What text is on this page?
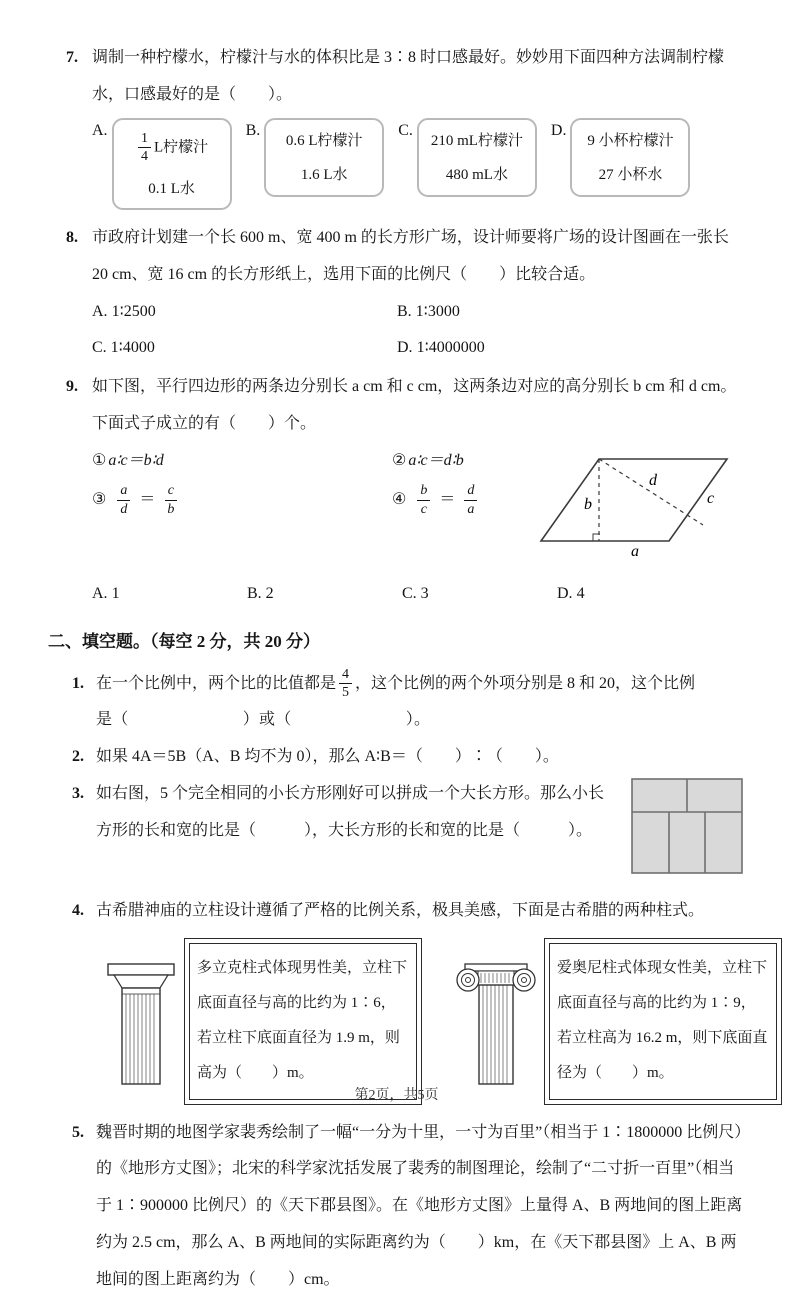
7. 调制一种柠檬水，柠檬汁与水的体积比是 3∶8 时口感最好。妙妙用下面四种方法调制柠檬水，口感最好的是（　　）。
A. $\frac{1}{4}$ L柠檬汁
0.1 L水
B.
0.6 L柠檬汁
1.6 L水
C.
210 mL柠檬汁
480 mL水
D.
9 小杯柠檬汁
27 小杯水
8. 市政府计划建一个长 600 m、宽 400 m 的长方形广场，设计师要将广场的设计图画在一张长 20 cm、宽 16 cm 的长方形纸上，选用下面的比例尺（　　）比较合适。
A. 1∶2500	B. 1∶3000
C. 1∶4000	D. 1∶4000000
9. 如下图，平行四边形的两条边分别长 a cm 和 c cm，这两条边对应的高分别长 b cm 和 d cm。下面式子成立的有（　　）个。
① a∶c＝b∶d	② a∶c＝d∶b
③ $\frac{a}{d} = \frac{c}{b}$	④ $\frac{b}{c} = \frac{d}{a}$	b
d
c
a
A. 1	B. 2	C. 3	D. 4
二、填空题。（每空 2 分，共 20 分）
1. 在一个比例中，两个比的比值都是 $\frac{4}{5}$ ，这个比例的两个外项分别是 8 和 20，这个比例
是（　　　　　　　）或（　　　　　　　）。
2. 如果 4A＝5B（A、B 均不为 0），那么 A∶B＝（　　）∶（　　）。
3. 如右图，5 个完全相同的小长方形刚好可以拼成一个大长方形。那么小长方形的长和宽的比是（　　　），大长方形的长和宽的比是（　　　）。
4. 古希腊神庙的立柱设计遵循了严格的比例关系，极具美感，下面是古希腊的两种柱式。
多立克柱式体现男性美，立柱下底面直径与高的比约为 1∶6，若立柱下底面直径为 1.9 m，则高为（　　）m。
爱奥尼柱式体现女性美，立柱下底面直径与高的比约为 1∶9，若立柱高为 16.2 m，则下底面直径为（　　）m。
5. 魏晋时期的地图学家裴秀绘制了一幅“一分为十里，一寸为百里”（相当于 1∶1800000 比例尺）的《地形方丈图》；北宋的科学家沈括发展了裴秀的制图理论，绘制了“二寸折一百里”（相当于 1∶900000 比例尺）的《天下郡县图》。在《地形方丈图》上量得 A、B 两地间的图上距离约为 2.5 cm，那么 A、B 两地间的实际距离约为（　　）km，在《天下郡县图》上 A、B 两地间的图上距离约为（　　）cm。
第2页，共5页
